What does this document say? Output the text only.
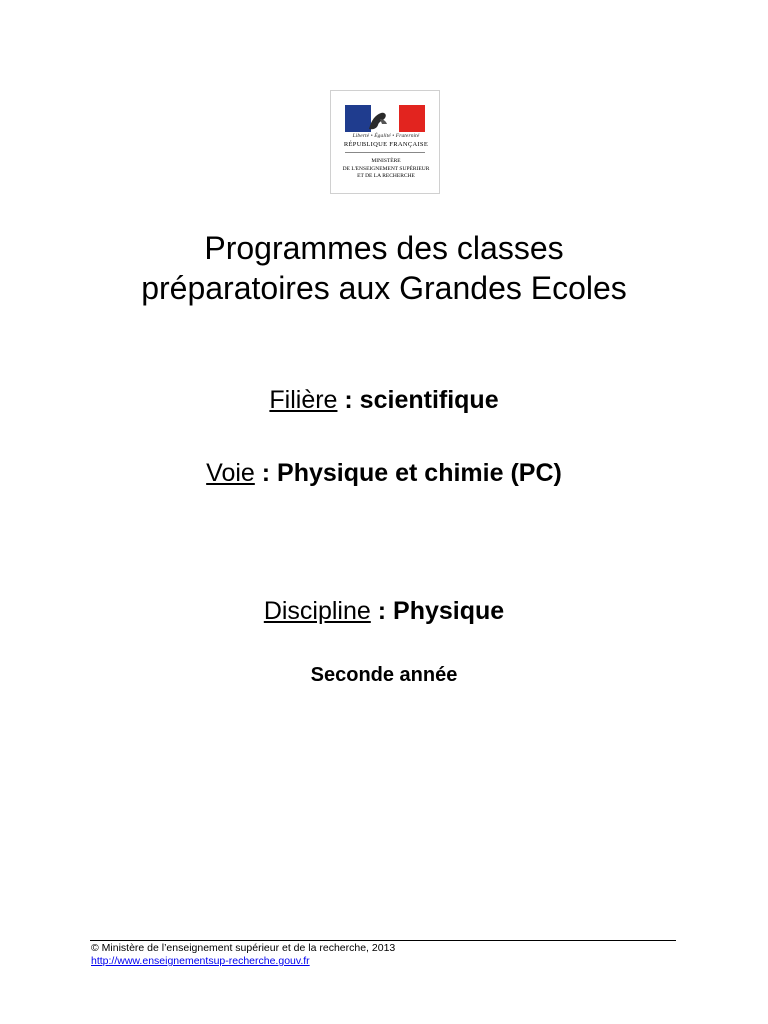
Liberté • Égalité • Fraternité
RÉPUBLIQUE FRANÇAISE
MINISTÈRE
DE L'ENSEIGNEMENT SUPÉRIEUR
ET DE LA RECHERCHE
Programmes des classes
préparatoires aux Grandes Ecoles
Filière : scientifique
Voie : Physique et chimie (PC)
Discipline : Physique
Seconde année
© Ministère de l’enseignement supérieur et de la recherche, 2013
http://www.enseignementsup-recherche.gouv.fr
